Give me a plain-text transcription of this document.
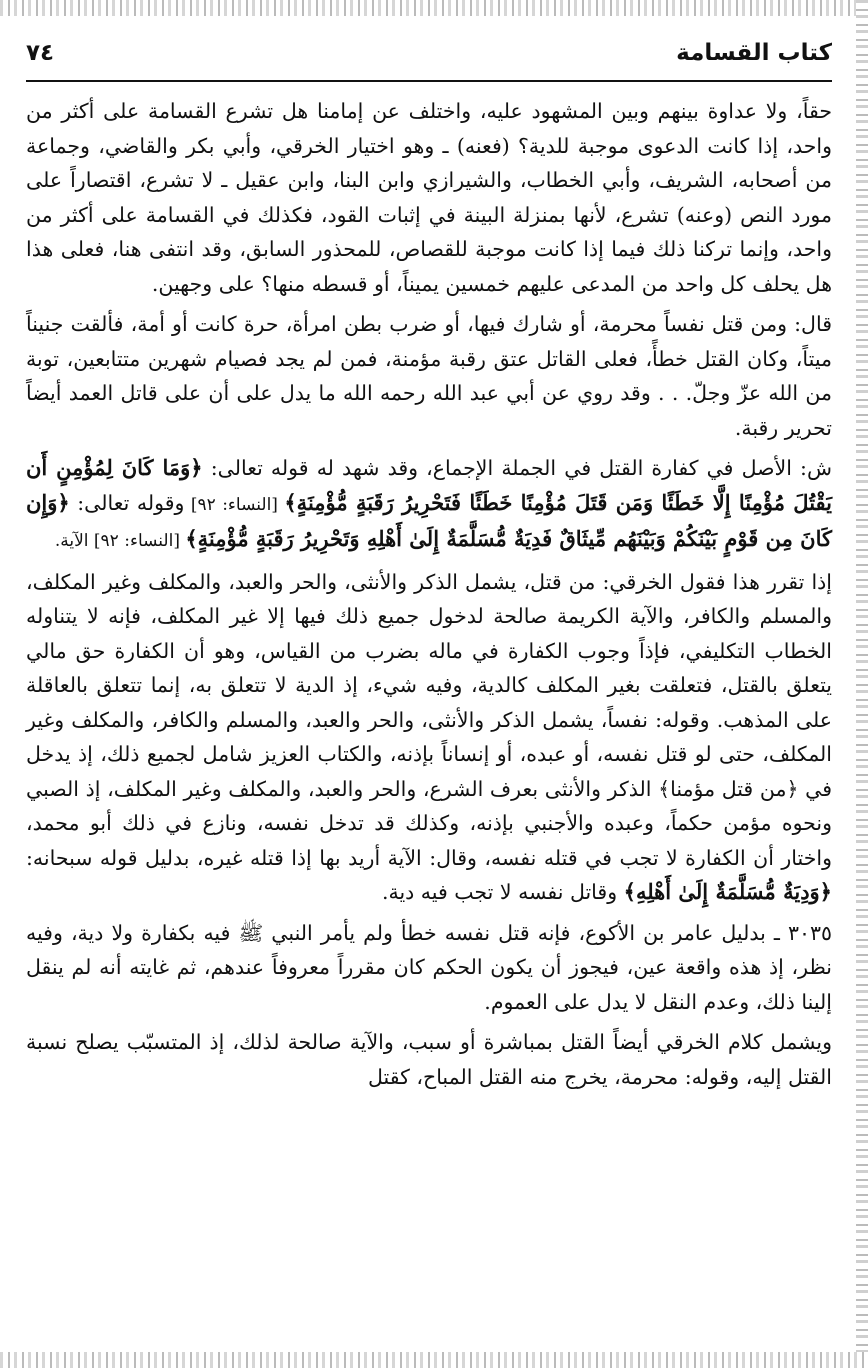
كتاب القسامة
٧٤

حقاً، ولا عداوة بينهم وبين المشهود عليه، واختلف عن إمامنا هل تشرع القسامة على أكثر من واحد، إذا كانت الدعوى موجبة للدية؟ (فعنه) ـ وهو اختيار الخرقي، وأبي بكر والقاضي، وجماعة من أصحابه، الشريف، وأبي الخطاب، والشيرازي وابن البنا، وابن عقيل ـ لا تشرع، اقتصاراً على مورد النص (وعنه) تشرع، لأنها بمنزلة البينة في إثبات القود، فكذلك في القسامة على أكثر من واحد، وإنما تركنا ذلك فيما إذا كانت موجبة للقصاص، للمحذور السابق، وقد انتفى هنا، فعلى هذا هل يحلف كل واحد من المدعى عليهم خمسين يميناً، أو قسطه منها؟ على وجهين.

قال: ومن قتل نفساً محرمة، أو شارك فيها، أو ضرب بطن امرأة، حرة كانت أو أمة، فألقت جنيناً ميتاً، وكان القتل خطأً، فعلى القاتل عتق رقبة مؤمنة، فمن لم يجد فصيام شهرين متتابعين، توبة من الله عزّ وجلّ. . . وقد روي عن أبي عبد الله رحمه الله ما يدل على أن على قاتل العمد أيضاً تحرير رقبة.

ش: الأصل في كفارة القتل في الجملة الإجماع، وقد شهد له قوله تعالى: ﴿وَمَا كَانَ لِمُؤْمِنٍ أَن يَقْتُلَ مُؤْمِنًا إِلَّا خَطَئًا وَمَن قَتَلَ مُؤْمِنًا خَطَئًا فَتَحْرِيرُ رَقَبَةٍ مُّؤْمِنَةٍ﴾ [النساء: ٩٢] وقوله تعالى: ﴿وَإِن كَانَ مِن قَوْمٍ بَيْنَكُمْ وَبَيْنَهُم مِّيثَاقٌ فَدِيَةٌ مُّسَلَّمَةٌ إِلَىٰ أَهْلِهِ وَتَحْرِيرُ رَقَبَةٍ مُّؤْمِنَةٍ﴾ [النساء: ٩٢] الآية.

إذا تقرر هذا فقول الخرقي: من قتل، يشمل الذكر والأنثى، والحر والعبد، والمكلف وغير المكلف، والمسلم والكافر، والآية الكريمة صالحة لدخول جميع ذلك فيها إلا غير المكلف، فإنه لا يتناوله الخطاب التكليفي، فإذاً وجوب الكفارة في ماله بضرب من القياس، وهو أن الكفارة حق مالي يتعلق بالقتل، فتعلقت بغير المكلف كالدية، وفيه شيء، إذ الدية لا تتعلق به، إنما تتعلق بالعاقلة على المذهب. وقوله: نفساً، يشمل الذكر والأنثى، والحر والعبد، والمسلم والكافر، والمكلف وغير المكلف، حتى لو قتل نفسه، أو عبده، أو إنساناً بإذنه، والكتاب العزيز شامل لجميع ذلك، إذ يدخل في ﴿من قتل مؤمنا﴾ الذكر والأنثى بعرف الشرع، والحر والعبد، والمكلف وغير المكلف، إذ الصبي ونحوه مؤمن حكماً، وعبده والأجنبي بإذنه، وكذلك قد تدخل نفسه، ونازع في ذلك أبو محمد، واختار أن الكفارة لا تجب في قتله نفسه، وقال: الآية أريد بها إذا قتله غيره، بدليل قوله سبحانه: ﴿وَدِيَةٌ مُّسَلَّمَةٌ إِلَىٰ أَهْلِهِ﴾ وقاتل نفسه لا تجب فيه دية.

٣٠٣٥ ـ بدليل عامر بن الأكوع، فإنه قتل نفسه خطأ ولم يأمر النبي ﷺ فيه بكفارة ولا دية، وفيه نظر، إذ هذه واقعة عين، فيجوز أن يكون الحكم كان مقرراً معروفاً عندهم، ثم غايته أنه لم ينقل إلينا ذلك، وعدم النقل لا يدل على العموم.

ويشمل كلام الخرقي أيضاً القتل بمباشرة أو سبب، والآية صالحة لذلك، إذ المتسبّب يصلح نسبة القتل إليه، وقوله: محرمة، يخرج منه القتل المباح، كقتل
